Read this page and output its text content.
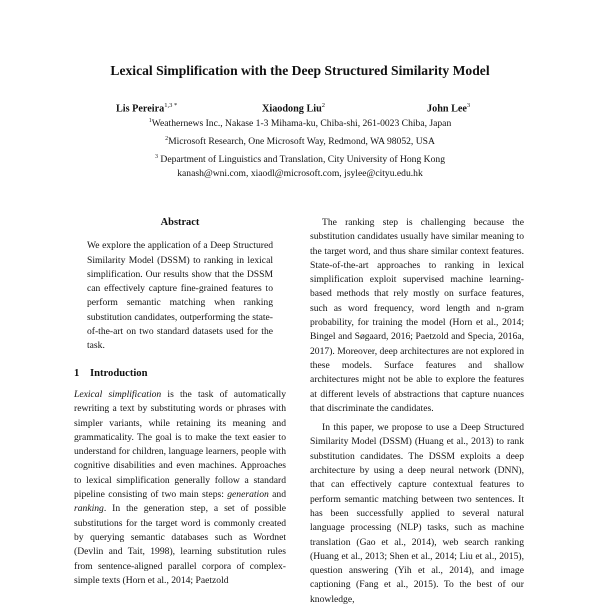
Lexical Simplification with the Deep Structured Similarity Model
Lis Pereira$^{1,3 *}$	Xiaodong Liu$^2$	John Lee$^3$
$^1$Weathernews Inc., Nakase 1-3 Mihama-ku, Chiba-shi, 261-0023 Chiba, Japan
$^2$Microsoft Research, One Microsoft Way, Redmond, WA 98052, USA
$^3$ Department of Linguistics and Translation, City University of Hong Kong
kanash@wni.com, xiaodl@microsoft.com, jsylee@cityu.edu.hk
Abstract

We explore the application of a Deep Structured Similarity Model (DSSM) to ranking in lexical simplification. Our results show that the DSSM can effectively capture fine-grained features to perform semantic matching when ranking substitution candidates, outperforming the state-of-the-art on two standard datasets used for the task.

1 Introduction

Lexical simplification is the task of automatically rewriting a text by substituting words or phrases with simpler variants, while retaining its meaning and grammaticality. The goal is to make the text easier to understand for children, language learners, people with cognitive disabilities and even machines. Approaches to lexical simplification generally follow a standard pipeline consisting of two main steps: generation and ranking. In the generation step, a set of possible substitutions for the target word is commonly created by querying semantic databases such as Wordnet (Devlin and Tait, 1998), learning substitution rules from sentence-aligned parallel corpora of complex-simple texts (Horn et al., 2014; Paetzold

The ranking step is challenging because the substitution candidates usually have similar meaning to the target word, and thus share similar context features. State-of-the-art approaches to ranking in lexical simplification exploit supervised machine learning-based methods that rely mostly on surface features, such as word frequency, word length and n-gram probability, for training the model (Horn et al., 2014; Bingel and Søgaard, 2016; Paetzold and Specia, 2016a, 2017). Moreover, deep architectures are not explored in these models. Surface features and shallow architectures might not be able to explore the features at different levels of abstractions that capture nuances that discriminate the candidates.

In this paper, we propose to use a Deep Structured Similarity Model (DSSM) (Huang et al., 2013) to rank substitution candidates. The DSSM exploits a deep architecture by using a deep neural network (DNN), that can effectively capture contextual features to perform semantic matching between two sentences. It has been successfully applied to several natural language processing (NLP) tasks, such as machine translation (Gao et al., 2014), web search ranking (Huang et al., 2013; Shen et al., 2014; Liu et al., 2015), question answering (Yih et al., 2014), and image captioning (Fang et al., 2015). To the best of our knowledge,
